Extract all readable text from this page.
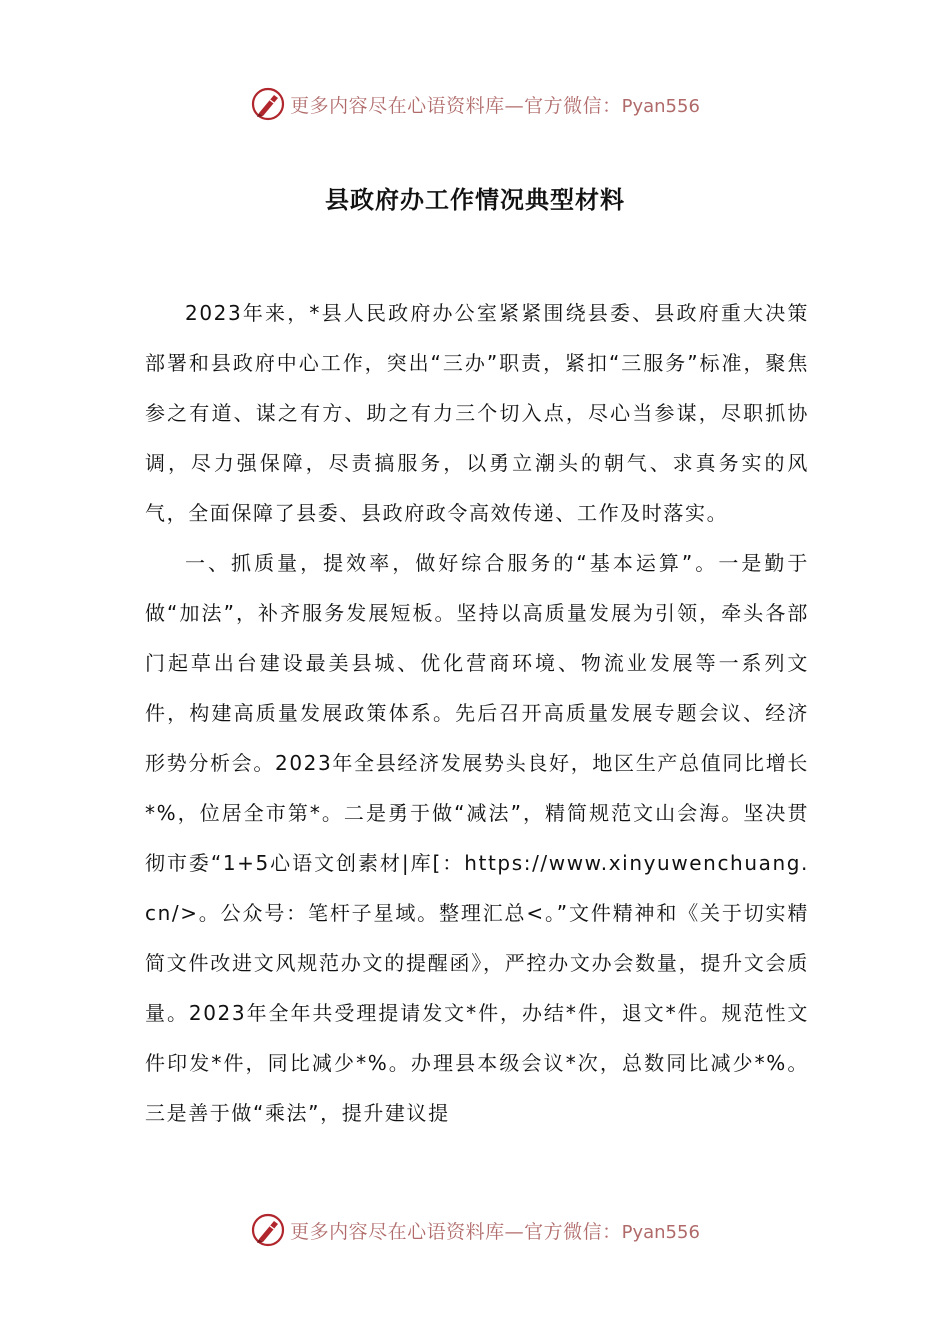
更多内容尽在心语资料库—官方微信：Pyan556
县政府办工作情况典型材料

2023年来，*县人民政府办公室紧紧围绕县委、县政府重大决策部署和县政府中心工作，突出“三办”职责，紧扣“三服务”标准，聚焦参之有道、谋之有方、助之有力三个切入点，尽心当参谋，尽职抓协调，尽力强保障，尽责搞服务，以勇立潮头的朝气、求真务实的风气，全面保障了县委、县政府政令高效传递、工作及时落实。

一、抓质量，提效率，做好综合服务的“基本运算”。一是勤于做“加法”，补齐服务发展短板。坚持以高质量发展为引领，牵头各部门起草出台建设最美县城、优化营商环境、物流业发展等一系列文件，构建高质量发展政策体系。先后召开高质量发展专题会议、经济形势分析会。2023年全县经济发展势头良好，地区生产总值同比增长*%，位居全市第*。二是勇于做“减法”，精简规范文山会海。坚决贯彻市委“1+5心语文创素材|库[：https://www.xinyuwenchuang.cn/>。公众号：笔杆子星域。整理汇总<。”文件精神和《关于切实精简文件改进文风规范办文的提醒函》，严控办文办会数量，提升文会质量。2023年全年共受理提请发文*件，办结*件，退文*件。规范性文件印发*件，同比减少*%。办理县本级会议*次，总数同比减少*%。三是善于做“乘法”，提升建议提

更多内容尽在心语资料库—官方微信：Pyan556
